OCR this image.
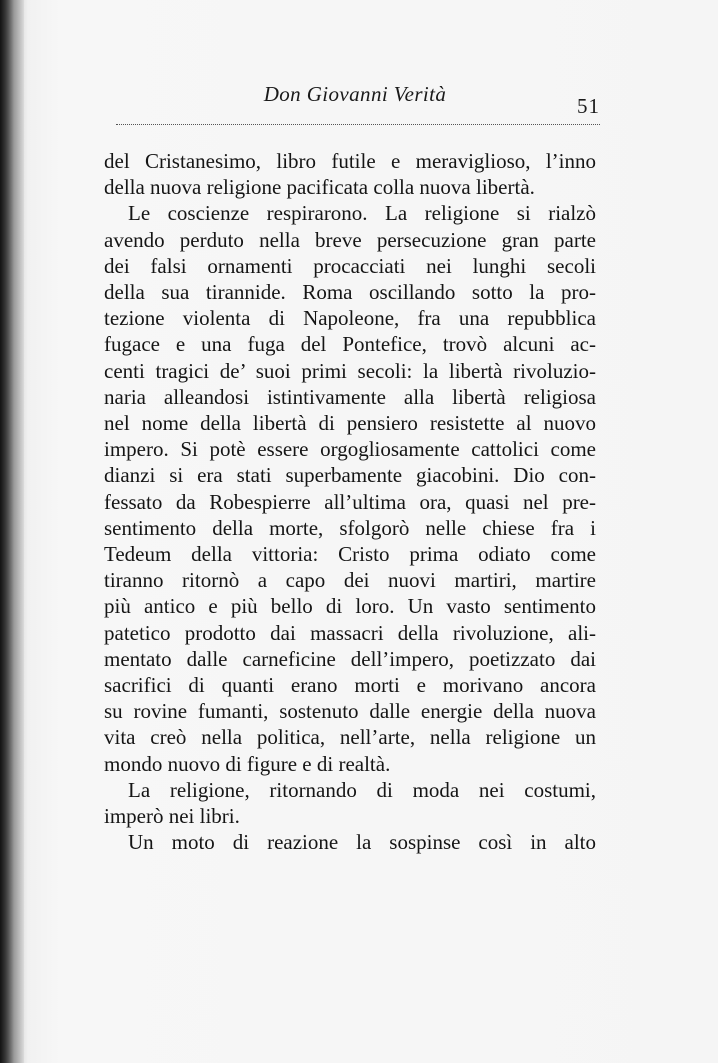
Don Giovanni Verità	51
del Cristanesimo, libro futile e meraviglioso, l’inno
della nuova religione pacificata colla nuova libertà.
Le coscienze respirarono. La religione si rialzò
avendo perduto nella breve persecuzione gran parte
dei falsi ornamenti procacciati nei lunghi secoli
della sua tirannide. Roma oscillando sotto la pro-
tezione violenta di Napoleone, fra una repubblica
fugace e una fuga del Pontefice, trovò alcuni ac-
centi tragici de’ suoi primi secoli: la libertà rivoluzio-
naria alleandosi istintivamente alla libertà religiosa
nel nome della libertà di pensiero resistette al nuovo
impero. Si potè essere orgogliosamente cattolici come
dianzi si era stati superbamente giacobini. Dio con-
fessato da Robespierre all’ultima ora, quasi nel pre-
sentimento della morte, sfolgorò nelle chiese fra i
Tedeum della vittoria: Cristo prima odiato come
tiranno ritornò a capo dei nuovi martiri, martire
più antico e più bello di loro. Un vasto sentimento
patetico prodotto dai massacri della rivoluzione, ali-
mentato dalle carneficine dell’impero, poetizzato dai
sacrifici di quanti erano morti e morivano ancora
su rovine fumanti, sostenuto dalle energie della nuova
vita creò nella politica, nell’arte, nella religione un
mondo nuovo di figure e di realtà.
La religione, ritornando di moda nei costumi,
imperò nei libri.
Un moto di reazione la sospinse così in alto
